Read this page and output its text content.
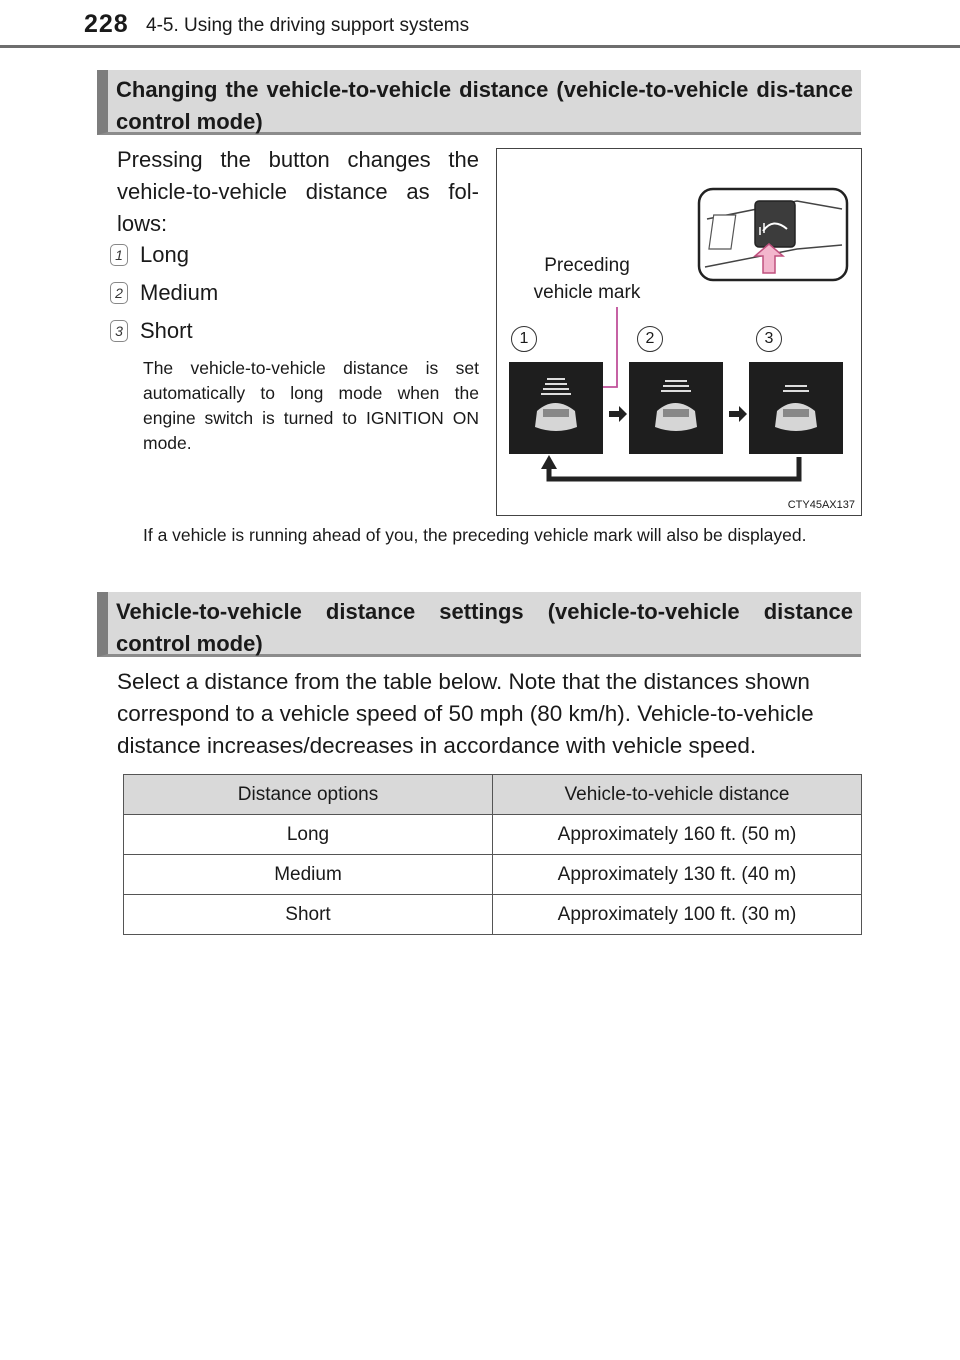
228 4-5. Using the driving support systems
Changing the vehicle-to-vehicle distance (vehicle-to-vehicle dis-tance control mode)
Pressing the button changes the vehicle-to-vehicle distance as fol-lows:
1 Long
2 Medium
3 Short
The vehicle-to-vehicle distance is set automatically to long mode when the engine switch is turned to IGNITION ON mode.
Preceding vehicle mark
1	2	3
CTY45AX137
If a vehicle is running ahead of you, the preceding vehicle mark will also be displayed.
Vehicle-to-vehicle distance settings (vehicle-to-vehicle distance control mode)
Select a distance from the table below. Note that the distances shown correspond to a vehicle speed of 50 mph (80 km/h). Vehicle-to-vehicle distance increases/decreases in accordance with vehicle speed.
Distance options	Vehicle-to-vehicle distance
Long	Approximately 160 ft. (50 m)
Medium	Approximately 130 ft. (40 m)
Short	Approximately 100 ft. (30 m)
